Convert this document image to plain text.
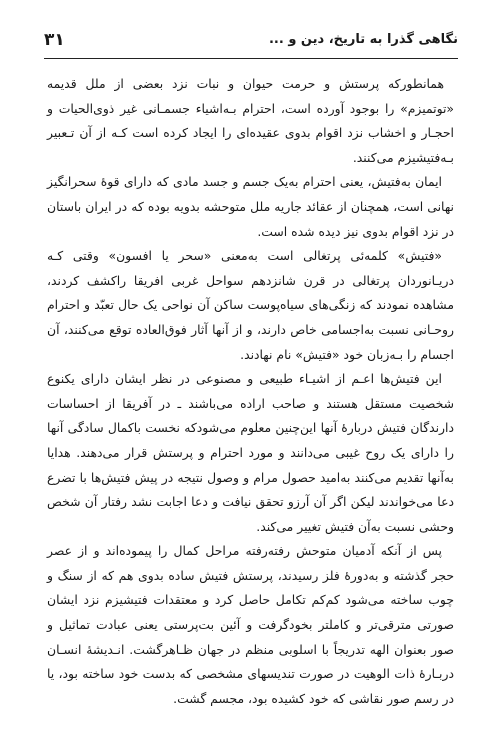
نگاهی گذرا به تاریخ، دین و ...
۳۱

همانطورکه پرستش و حرمت حیوان و نبات نزد بعضی از ملل قدیمه «توتمیزم» را بوجود آورده است، احترام بـه‌اشیاء جسمـانی غیر ذوی‌الحیات و احجـار و اخشاب نزد اقوام بدوی عقیده‌ای را ایجاد کرده است کـه از آن تـعبیر بـه‌فتیشیزم می‌کنند.

ایمان به‌فتیش، یعنی احترام به‌یک جسم و جسد مادی که دارای قوهٔ سحرانگیز نهانی است، همچنان از عقائد جاریه ملل متوحشه بدویه بوده که در ایران باستان در نزد اقوام بدوی نیز دیده شده است.

«فتیش» کلمه‌ئی پرتغالی است به‌معنی «سحر یا افسون» وقتی کـه دریـانوردان پرتغالی در قرن شانزدهم سواحل غربی افریقا راکشف کردند، مشاهده نمودند که زنگی‌های سیاه‌پوست ساکن آن نواحی یک حال تعبّد و احترام روحـانی نسبت به‌اجسامی خاص دارند، و از آنها آثار فوق‌العاده توقع می‌کنند، آن اجسام را بـه‌زبان خود «فتیش» نام نهادند.

این فتیش‌ها اعـم از اشیـاء طبیعی و مصنوعی در نظر ایشان دارای یکنوع شخصیت مستقل هستند و صاحب اراده می‌باشند ـ در آفریقا از احساسات دارندگان فتیش دربارهٔ آنها این‌چنین معلوم می‌شودکه نخست باکمال سادگی آنها را دارای یک روح غیبی می‌دانند و مورد احترام و پرستش قرار می‌دهند. هدایا به‌آنها تقدیم می‌کنند به‌امید حصول مرام و وصول نتیجه در پیش فتیش‌ها با تضرع دعا می‌خواندند لیکن اگر آن آرزو تحقق نیافت و دعا اجابت نشد رفتار آن شخص وحشی نسبت به‌آن فتیش تغییر می‌کند.

پس از آنکه آدمیان متوحش رفته‌رفته مراحل کمال را پیموده‌اند و از عصر حجر گذشته و به‌دورهٔ فلز رسیدند، پرستش فتیش ساده بدوی هم که از سنگ و چوب ساخته می‌شود کم‌کم تکامل حاصل کرد و معتقدات فتیشیزم نزد ایشان صورتی مترقی‌تر و کاملتر بخودگرفت و آئین بت‌پرستی یعنی عبادت تماثیل و صور بعنوان الهه تدریجاً با اسلوبی منظم در جهان ظـاهرگشت. انـدیشهٔ انسـان دربـارهٔ ذات الوهیت در صورت تندیسهای مشخصی که بدست خود ساخته بود، یا در رسم صور نقاشی که خود کشیده بود، مجسم گشت.
